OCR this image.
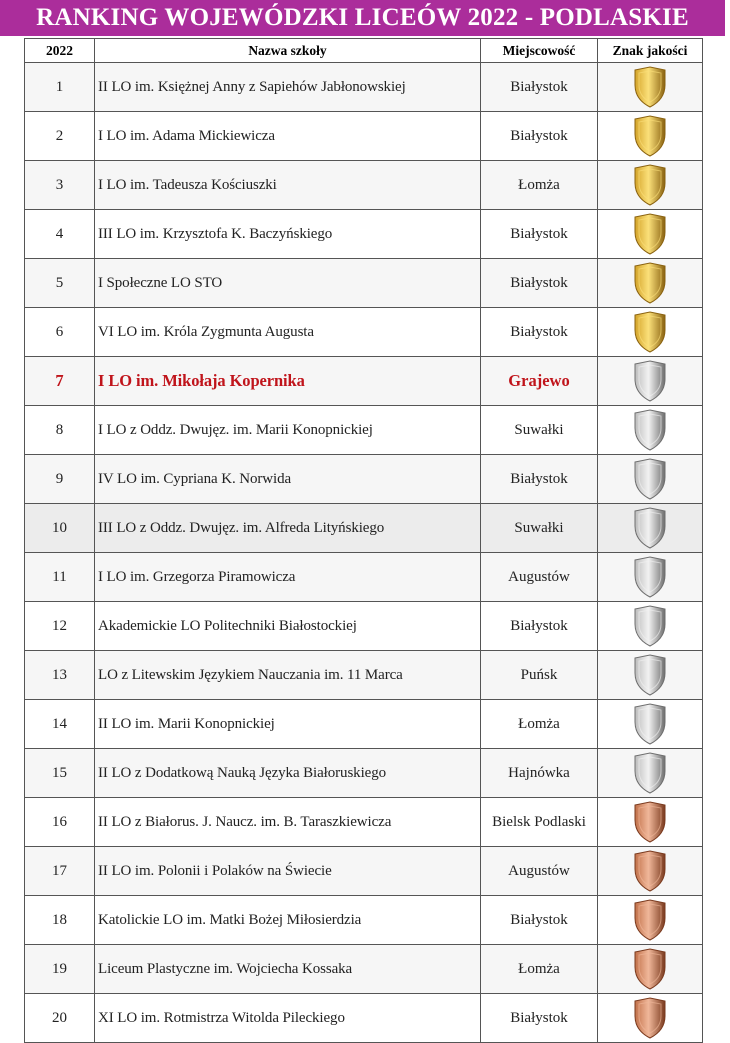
RANKING WOJEWÓDZKI LICEÓW 2022 - PODLASKIE
2022	Nazwa szkoły	Miejscowość	Znak jakości
1	II LO im. Księżnej Anny z Sapiehów Jabłonowskiej	Białystok	

2	I LO im. Adama Mickiewicza	Białystok	

3	I LO im. Tadeusza Kościuszki	Łomża	

4	III LO im. Krzysztofa K. Baczyńskiego	Białystok	

5	I Społeczne LO STO	Białystok	

6	VI LO im. Króla Zygmunta Augusta	Białystok	

7	I LO im. Mikołaja Kopernika	Grajewo	

8	I LO z Oddz. Dwujęz. im. Marii Konopnickiej	Suwałki	

9	IV LO im. Cypriana K. Norwida	Białystok	

10	III LO z Oddz. Dwujęz. im. Alfreda Lityńskiego	Suwałki	

11	I LO im. Grzegorza Piramowicza	Augustów	

12	Akademickie LO Politechniki Białostockiej	Białystok	

13	LO z Litewskim Językiem Nauczania im. 11 Marca	Puńsk	

14	II LO im. Marii Konopnickiej	Łomża	

15	II LO z Dodatkową Nauką Języka Białoruskiego	Hajnówka	

16	II LO z Białorus. J. Naucz. im. B. Taraszkiewicza	Bielsk Podlaski	

17	II LO im. Polonii i Polaków na Świecie	Augustów	

18	Katolickie LO im. Matki Bożej Miłosierdzia	Białystok	

19	Liceum Plastyczne im. Wojciecha Kossaka	Łomża	

20	XI LO im. Rotmistrza Witolda Pileckiego	Białystok	
